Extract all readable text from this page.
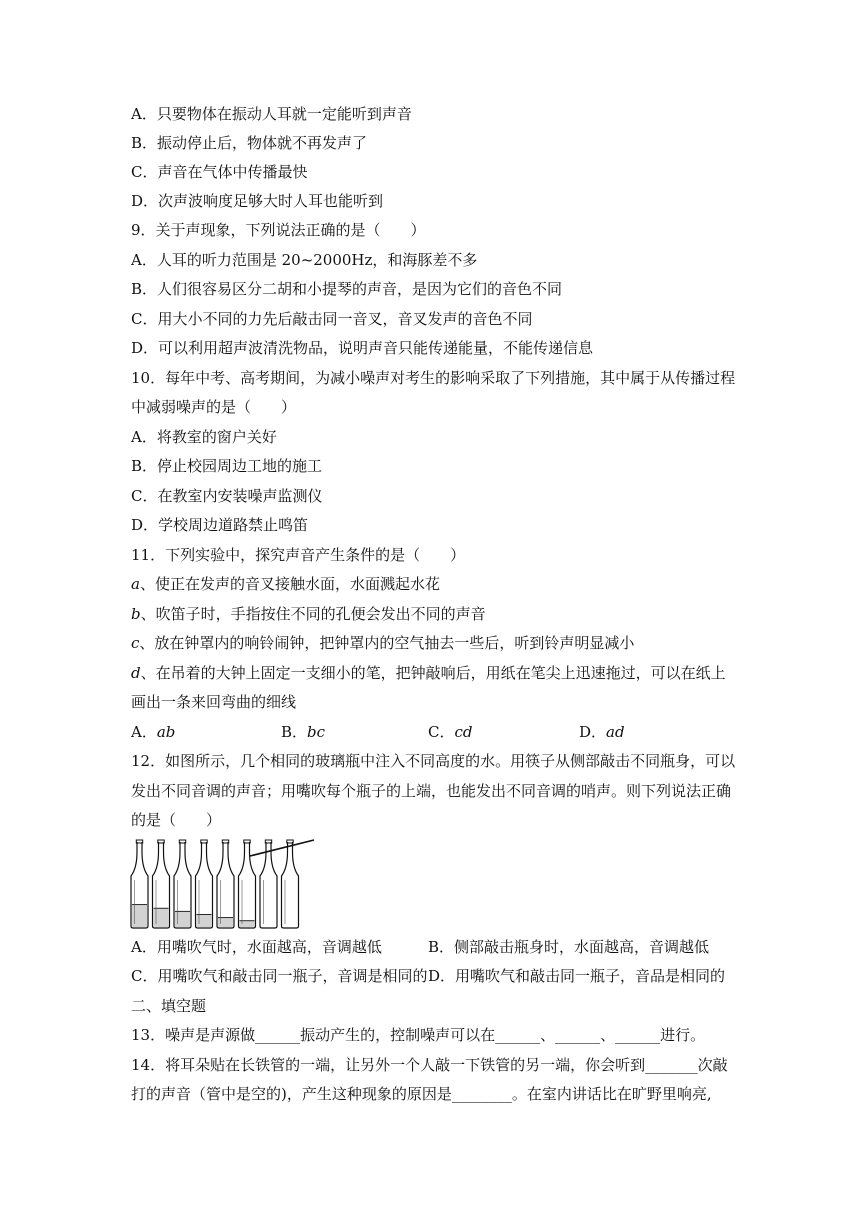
A．只要物体在振动人耳就一定能听到声音
B．振动停止后，物体就不再发声了
C．声音在气体中传播最快
D．次声波响度足够大时人耳也能听到
9．关于声现象，下列说法正确的是（　　）
A．人耳的听力范围是 20~2000Hz，和海豚差不多
B．人们很容易区分二胡和小提琴的声音，是因为它们的音色不同
C．用大小不同的力先后敲击同一音叉，音叉发声的音色不同
D．可以利用超声波清洗物品，说明声音只能传递能量，不能传递信息
10．每年中考、高考期间，为减小噪声对考生的影响采取了下列措施，其中属于从传播过程
中减弱噪声的是（　　）
A．将教室的窗户关好
B．停止校园周边工地的施工
C．在教室内安装噪声监测仪
D．学校周边道路禁止鸣笛
11．下列实验中，探究声音产生条件的是（　　）
a、使正在发声的音叉接触水面，水面溅起水花
b、吹笛子时，手指按住不同的孔便会发出不同的声音
c、放在钟罩内的响铃闹钟，把钟罩内的空气抽去一些后，听到铃声明显减小
d、在吊着的大钟上固定一支细小的笔，把钟敲响后，用纸在笔尖上迅速拖过，可以在纸上
画出一条来回弯曲的细线
A．ab	B．bc	C．cd	D．ad
12．如图所示，几个相同的玻璃瓶中注入不同高度的水。用筷子从侧部敲击不同瓶身，可以
发出不同音调的声音；用嘴吹每个瓶子的上端，也能发出不同音调的哨声。则下列说法正确
的是（　　）
A．用嘴吹气时，水面越高，音调越低	B．侧部敲击瓶身时，水面越高，音调越低
C．用嘴吹气和敲击同一瓶子，音调是相同的 D．用嘴吹气和敲击同一瓶子，音品是相同的
二、填空题
13．噪声是声源做______振动产生的，控制噪声可以在______、______、______进行。
14．将耳朵贴在长铁管的一端，让另外一个人敲一下铁管的另一端，你会听到_______次敲
打的声音（管中是空的)，产生这种现象的原因是________。在室内讲话比在旷野里响亮,
